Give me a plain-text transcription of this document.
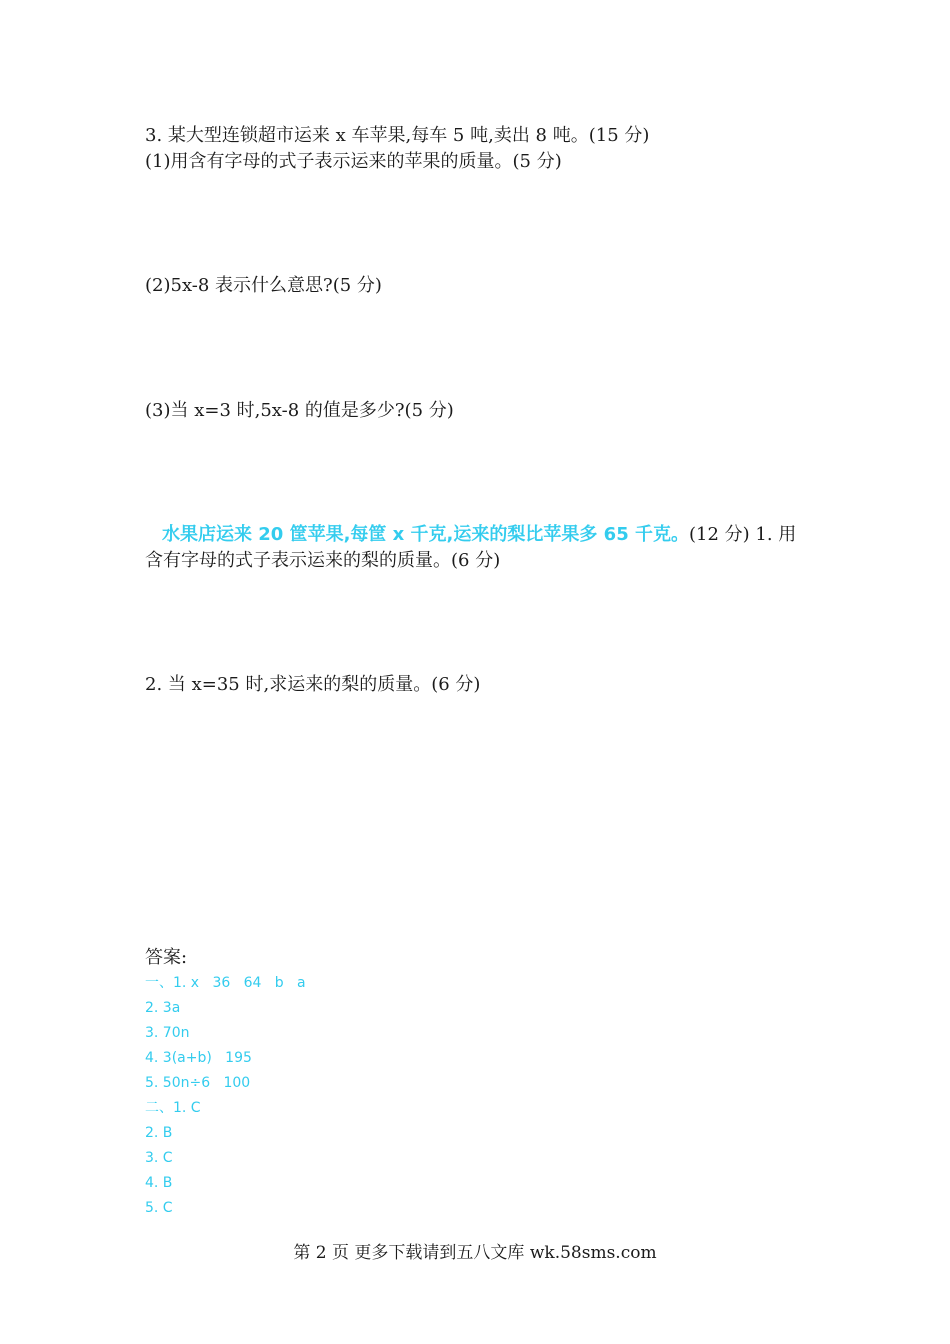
3. 某大型连锁超市运来 x 车苹果,每车 5 吨,卖出 8 吨。(15 分)
(1)用含有字母的式子表示运来的苹果的质量。(5 分)
(2)5x-8 表示什么意思?(5 分)
(3)当 x=3 时,5x-8 的值是多少?(5 分)
水果店运来 20 筐苹果,每筐 x 千克,运来的梨比苹果多 65 千克。(12 分) 1. 用
含有字母的式子表示运来的梨的质量。(6 分)
2. 当 x=35 时,求运来的梨的质量。(6 分)
答案:
一、1. x   36   64   b   a
2. 3a
3. 70n
4. 3(a+b)   195
5. 50n÷6   100
二、1. C
2. B
3. C
4. B
5. C
第 2 页 更多下载请到五八文库 wk.58sms.com
